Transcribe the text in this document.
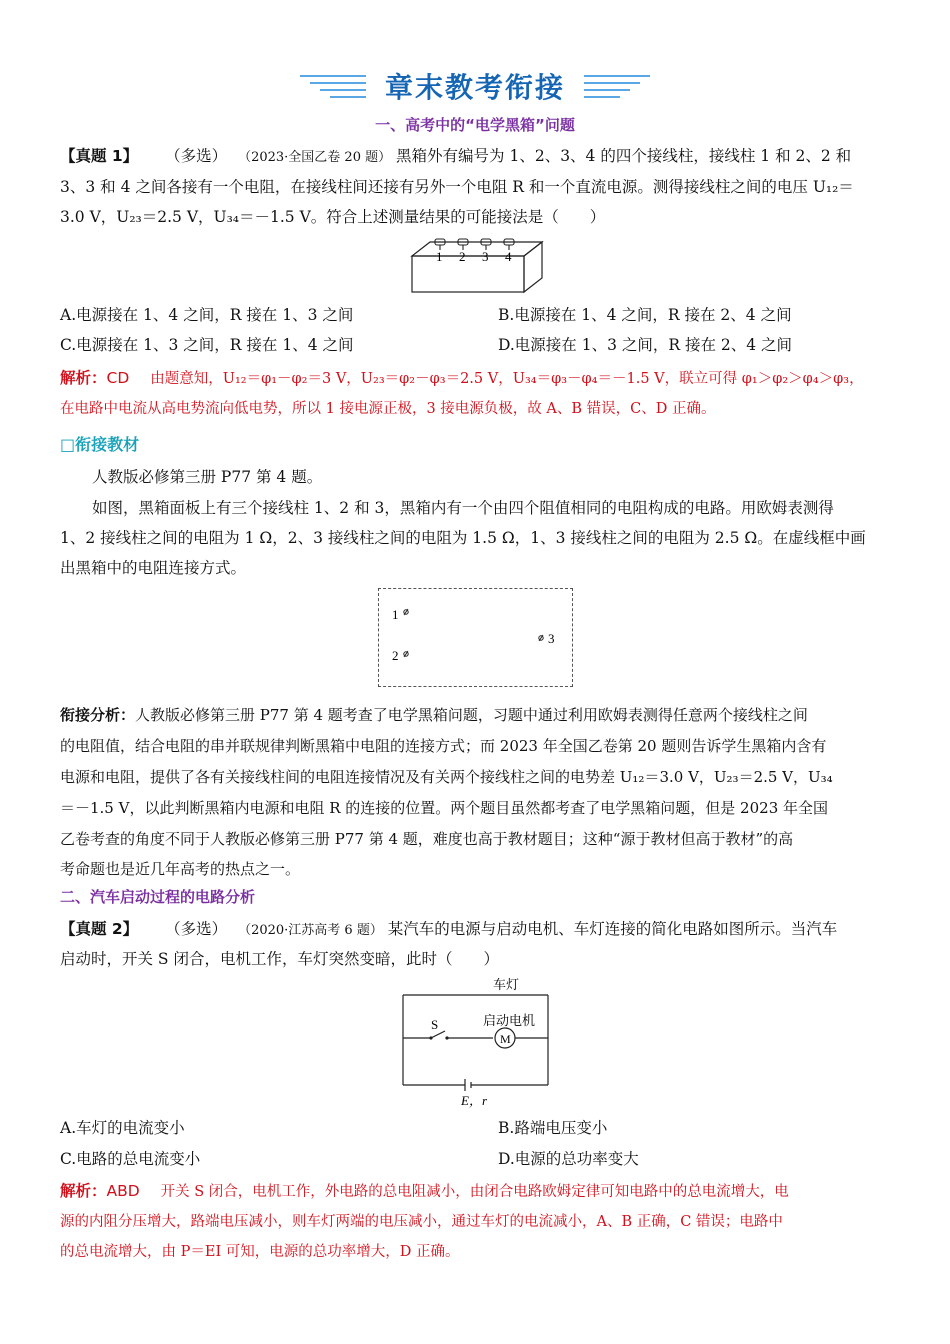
章末教考衔接
一、高考中的“电学黑箱”问题
【真题 1】 （多选） （2023·全国乙卷 20 题） 黑箱外有编号为 1、2、3、4 的四个接线柱，接线柱 1 和 2、2 和
3、3 和 4 之间各接有一个电阻，在接线柱间还接有另外一个电阻 R 和一个直流电源。测得接线柱之间的电压 U₁₂＝
3.0 V，U₂₃＝2.5 V，U₃₄＝－1.5 V。符合上述测量结果的可能接法是（　　）
1 2 3 4
A.电源接在 1、4 之间，R 接在 1、3 之间	B.电源接在 1、4 之间，R 接在 2、4 之间
C.电源接在 1、3 之间，R 接在 1、4 之间	D.电源接在 1、3 之间，R 接在 2、4 之间
解析：CD 由题意知，U₁₂＝φ₁－φ₂＝3 V，U₂₃＝φ₂－φ₃＝2.5 V，U₃₄＝φ₃－φ₄＝－1.5 V，联立可得 φ₁＞φ₂＞φ₄＞φ₃，
在电路中电流从高电势流向低电势，所以 1 接电源正极，3 接电源负极，故 A、B 错误，C、D 正确。
□衔接教材
人教版必修第三册 P77 第 4 题。
如图，黑箱面板上有三个接线柱 1、2 和 3，黑箱内有一个由四个阻值相同的电阻构成的电路。用欧姆表测得
1、2 接线柱之间的电阻为 1 Ω，2、3 接线柱之间的电阻为 1.5 Ω，1、3 接线柱之间的电阻为 2.5 Ω。在虚线框中画
出黑箱中的电阻连接方式。
1
2
3
衔接分析：人教版必修第三册 P77 第 4 题考查了电学黑箱问题，习题中通过利用欧姆表测得任意两个接线柱之间
的电阻值，结合电阻的串并联规律判断黑箱中电阻的连接方式；而 2023 年全国乙卷第 20 题则告诉学生黑箱内含有
电源和电阻，提供了各有关接线柱间的电阻连接情况及有关两个接线柱之间的电势差 U₁₂＝3.0 V，U₂₃＝2.5 V，U₃₄
＝－1.5 V，以此判断黑箱内电源和电阻 R 的连接的位置。两个题目虽然都考查了电学黑箱问题，但是 2023 年全国
乙卷考查的角度不同于人教版必修第三册 P77 第 4 题，难度也高于教材题目；这种“源于教材但高于教材”的高
考命题也是近几年高考的热点之一。
二、汽车启动过程的电路分析
【真题 2】 （多选） （2020·江苏高考 6 题） 某汽车的电源与启动电机、车灯连接的简化电路如图所示。当汽车
启动时，开关 S 闭合，电机工作，车灯突然变暗，此时（　　）
车灯
S	启动电机
M
E，r
A.车灯的电流变小	B.路端电压变小
C.电路的总电流变小	D.电源的总功率变大
解析：ABD 开关 S 闭合，电机工作，外电路的总电阻减小，由闭合电路欧姆定律可知电路中的总电流增大，电
源的内阻分压增大，路端电压减小，则车灯两端的电压减小，通过车灯的电流减小，A、B 正确，C 错误；电路中
的总电流增大，由 P＝EI 可知，电源的总功率增大，D 正确。
